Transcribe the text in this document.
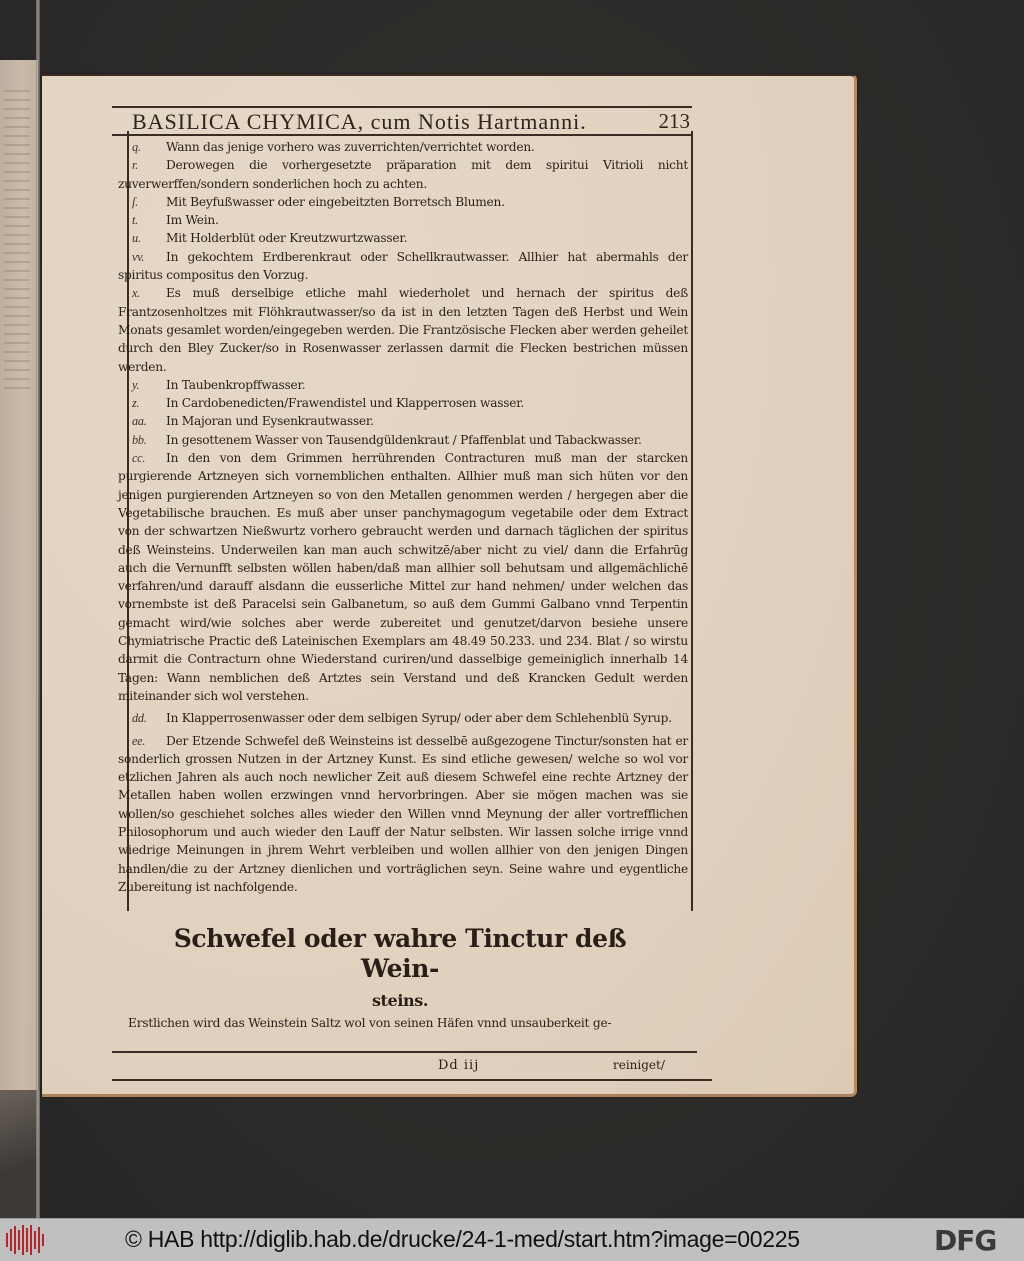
BASILICA CHYMICA, cum Notis Hartmanni.	213

q. Wann das jenige vorhero was zuverrichten/verrichtet worden.

r. Derowegen die vorhergesetzte präparation mit dem spiritui Vitrioli nicht zuverwerffen/sondern sonderlichen hoch zu achten.

ſ. Mit Beyfußwasser oder eingebeitzten Borretsch Blumen.

t. Im Wein.

u. Mit Holderblüt oder Kreutzwurtzwasser.

vv. In gekochtem Erdberenkraut oder Schellkrautwasser. Allhier hat abermahls der spiritus compositus den Vorzug.

x. Es muß derselbige etliche mahl wiederholet und hernach der spiritus deß Frantzosenholtzes mit Flöhkrautwasser/so da ist in den letzten Tagen deß Herbst und Wein Monats gesamlet worden/eingegeben werden. Die Frantzösische Flecken aber werden geheilet durch den Bley Zucker/so in Rosenwasser zerlassen darmit die Flecken bestrichen müssen werden.

y. In Taubenkropffwasser.

z. In Cardobenedicten/Frawendistel und Klapperrosen wasser.

aa. In Majoran und Eysenkrautwasser.

bb. In gesottenem Wasser von Tausendgüldenkraut / Pfaffenblat und Tabackwasser.

cc. In den von dem Grimmen herrührenden Contracturen muß man der starcken purgierende Artzneyen sich vornemblichen enthalten. Allhier muß man sich hüten vor den jenigen purgierenden Artzneyen so von den Metallen genommen werden / hergegen aber die Vegetabilische brauchen. Es muß aber unser panchymagogum vegetabile oder dem Extract von der schwartzen Nießwurtz vorhero gebraucht werden und darnach täglichen der spiritus deß Weinsteins. Underweilen kan man auch schwitzē/aber nicht zu viel/ dann die Erfahrūg auch die Vernunfft selbsten wöllen haben/daß man allhier soll behutsam und allgemächlichē verfahren/und darauff alsdann die eusserliche Mittel zur hand nehmen/ under welchen das vornembste ist deß Paracelsi sein Galbanetum, so auß dem Gummi Galbano vnnd Terpentin gemacht wird/wie solches aber werde zubereitet und genutzet/darvon besiehe unsere Chymiatrische Practic deß Lateinischen Exemplars am 48.49 50.233. und 234. Blat / so wirstu darmit die Contracturn ohne Wiederstand curiren/und dasselbige gemeiniglich innerhalb 14 Tagen: Wann nemblichen deß Artztes sein Verstand und deß Krancken Gedult werden miteinander sich wol verstehen.

dd. In Klapperrosenwasser oder dem selbigen Syrup/ oder aber dem Schlehenblü Syrup.

ee. Der Etzende Schwefel deß Weinsteins ist desselbē außgezogene Tinctur/sonsten hat er sonderlich grossen Nutzen in der Artzney Kunst. Es sind etliche gewesen/ welche so wol vor etzlichen Jahren als auch noch newlicher Zeit auß diesem Schwefel eine rechte Artzney der Metallen haben wollen erzwingen vnnd hervorbringen. Aber sie mögen machen was sie wollen/so geschiehet solches alles wieder den Willen vnnd Meynung der aller vortrefflichen Philosophorum und auch wieder den Lauff der Natur selbsten. Wir lassen solche irrige vnnd wiedrige Meinungen in jhrem Wehrt verbleiben und wollen allhier von den jenigen Dingen handlen/die zu der Artzney dienlichen und vorträglichen seyn. Seine wahre und eygentliche Zubereitung ist nachfolgende.

Schwefel oder wahre Tinctur deß Wein-
steins.
Erstlichen wird das Weinstein Saltz wol von seinen Häfen vnnd unsauberkeit ge-
Dd iij	reiniget/
© HAB http://diglib.hab.de/drucke/24-1-med/start.htm?image=00225	DFG
